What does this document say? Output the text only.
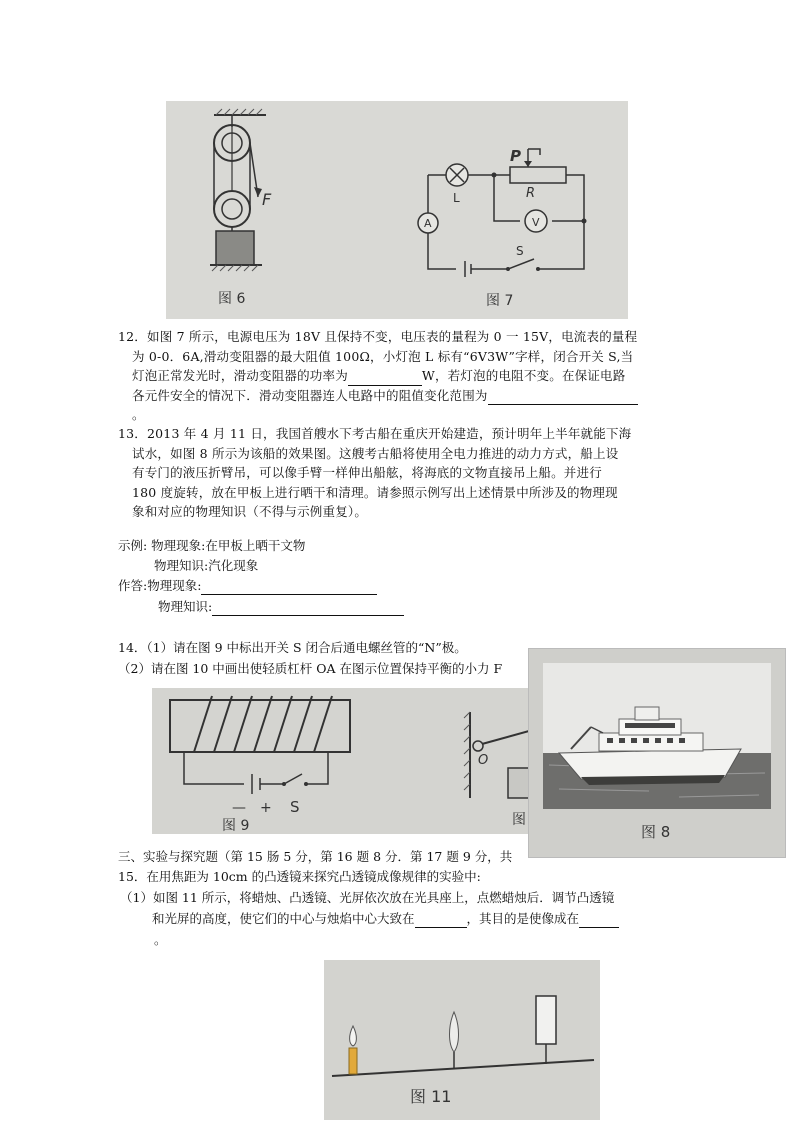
F
图 6
P
R
L
A	V
S
图 7

12．如图 7 所示，电源电压为 18V 且保持不变，电压表的量程为 0 一 15V，电流表的量程

为 0-0．6A,滑动变阻器的最大阻值 100Ω，小灯泡 L 标有“6V3W”字样，闭合开关 S,当

灯泡正常发光时，滑动变阻器的功率为	W，若灯泡的电阻不变。在保证电路

各元件安全的情况下．滑动变阻器连人电路中的阻值变化范围为

。

13．2013 年 4 月 11 日，我国首艘水下考古船在重庆开始建造，预计明年上半年就能下海

试水，如图 8 所示为该船的效果图。这艘考古船将使用全电力推进的动力方式，船上设

有专门的液压折臂吊，可以像手臂一样伸出船舷，将海底的文物直接吊上船。并进行

180 度旋转，放在甲板上进行晒干和清理。请参照示例写出上述情景中所涉及的物理现

象和对应的物理知识（不得与示例重复）。

示例: 物理现象:在甲板上晒干文物
物理知识:汽化现象
作答:物理现象:
物理知识:
14．（1）请在图 9 中标出开关 S 闭合后通电螺丝管的“N”极。
（2）请在图 10 中画出使轻质杠杆 OA 在图示位置保持平衡的小力 F
— + S
图 9
O
图
图 8
三、实验与探究题（第 15 肠 5 分，第 16 题 8 分．第 17 题 9 分，共
15．在用焦距为 10cm 的凸透镜来探究凸透镜成像规律的实验中:
（1）如图 11 所示，将蜡烛、凸透镜、光屏依次放在光具座上，点燃蜡烛后．调节凸透镜
和光屏的高度，使它们的中心与烛焰中心大致在	，其目的是使像成在
。
图 11
